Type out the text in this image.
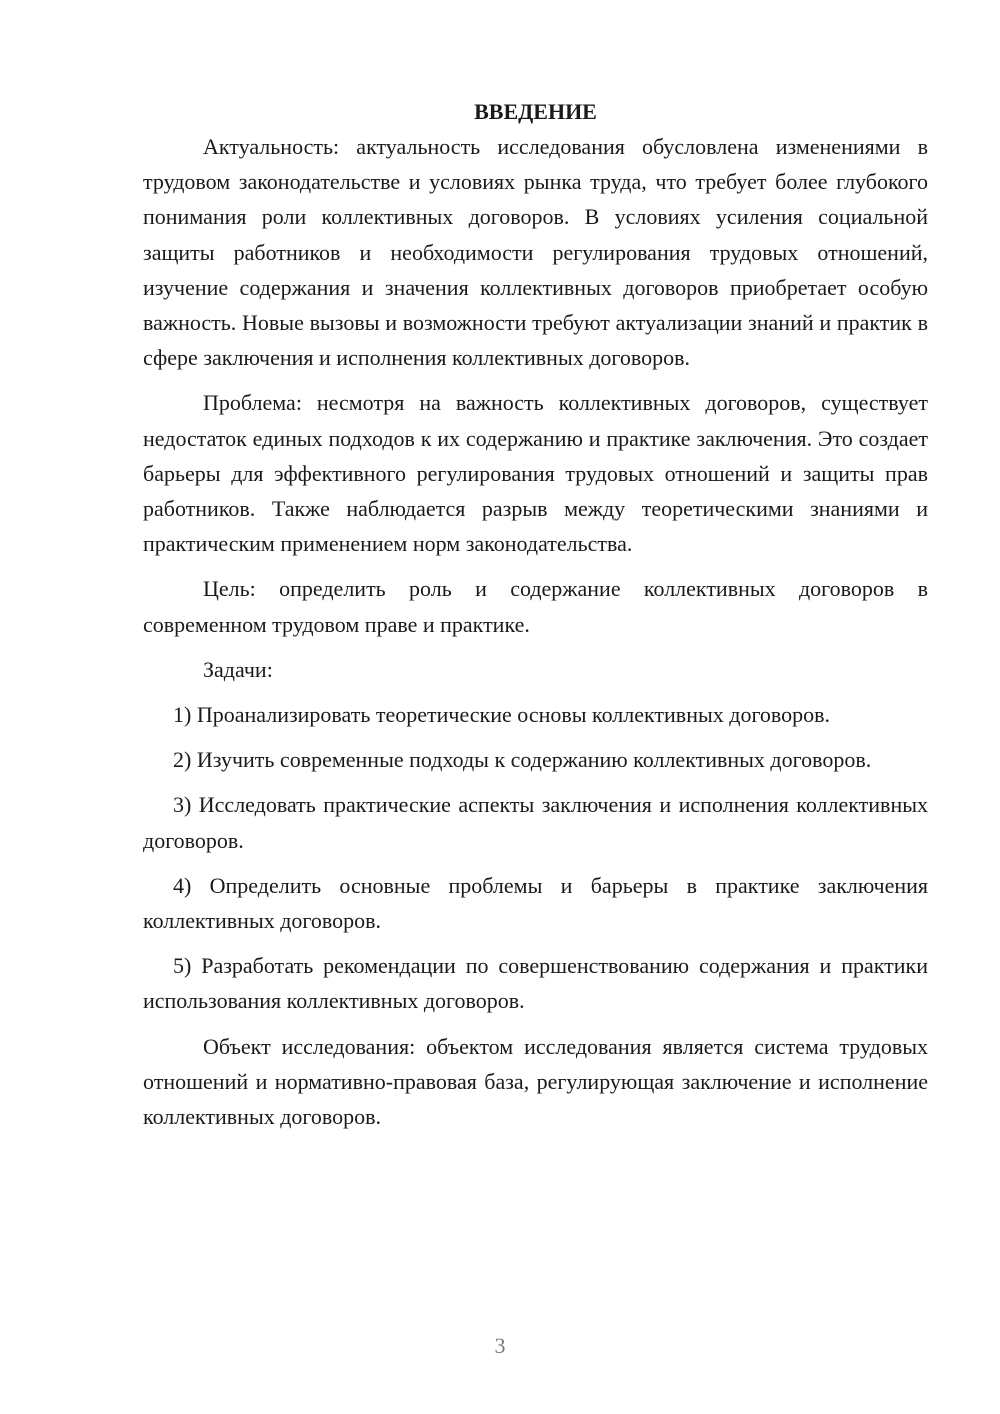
ВВЕДЕНИЕ

Актуальность: актуальность исследования обусловлена изменениями в трудовом законодательстве и условиях рынка труда, что требует более глубокого понимания роли коллективных договоров. В условиях усиления социальной защиты работников и необходимости регулирования трудовых отношений, изучение содержания и значения коллективных договоров приобретает особую важность. Новые вызовы и возможности требуют актуализации знаний и практик в сфере заключения и исполнения коллективных договоров.

Проблема: несмотря на важность коллективных договоров, существует недостаток единых подходов к их содержанию и практике заключения. Это создает барьеры для эффективного регулирования трудовых отношений и защиты прав работников. Также наблюдается разрыв между теоретическими знаниями и практическим применением норм законодательства.

Цель: определить роль и содержание коллективных договоров в современном трудовом праве и практике.

Задачи:

1) Проанализировать теоретические основы коллективных договоров.

2) Изучить современные подходы к содержанию коллективных договоров.

3) Исследовать практические аспекты заключения и исполнения коллективных договоров.

4) Определить основные проблемы и барьеры в практике заключения коллективных договоров.

5) Разработать рекомендации по совершенствованию содержания и практики использования коллективных договоров.

Объект исследования: объектом исследования является система трудовых отношений и нормативно-правовая база, регулирующая заключение и исполнение коллективных договоров.

3
